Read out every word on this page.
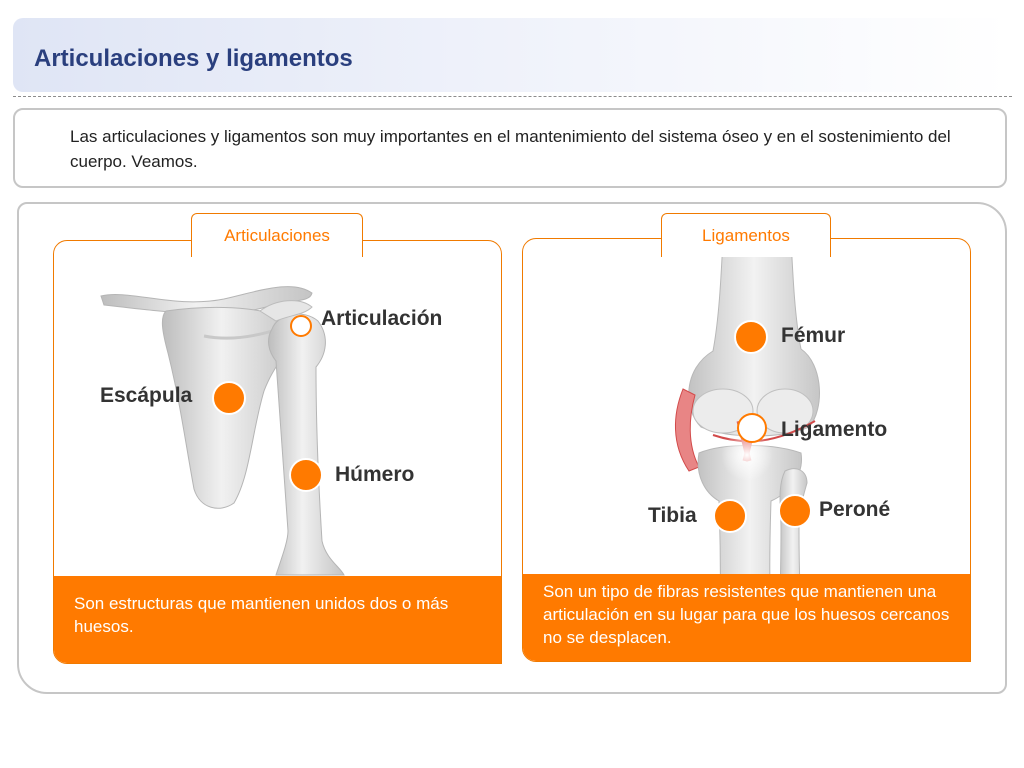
Articulaciones y ligamentos

Las articulaciones y ligamentos son muy importantes en el mantenimiento del sistema óseo y en el sostenimiento del cuerpo. Veamos.

Son estructuras que mantienen unidos dos o más huesos.
Articulaciones
Articulación
Escápula
Húmero
Son un tipo de fibras resistentes que mantienen una articulación en su lugar para que los huesos cercanos no se desplacen.
Ligamentos
Fémur
Ligamento
Tibia	Peroné
